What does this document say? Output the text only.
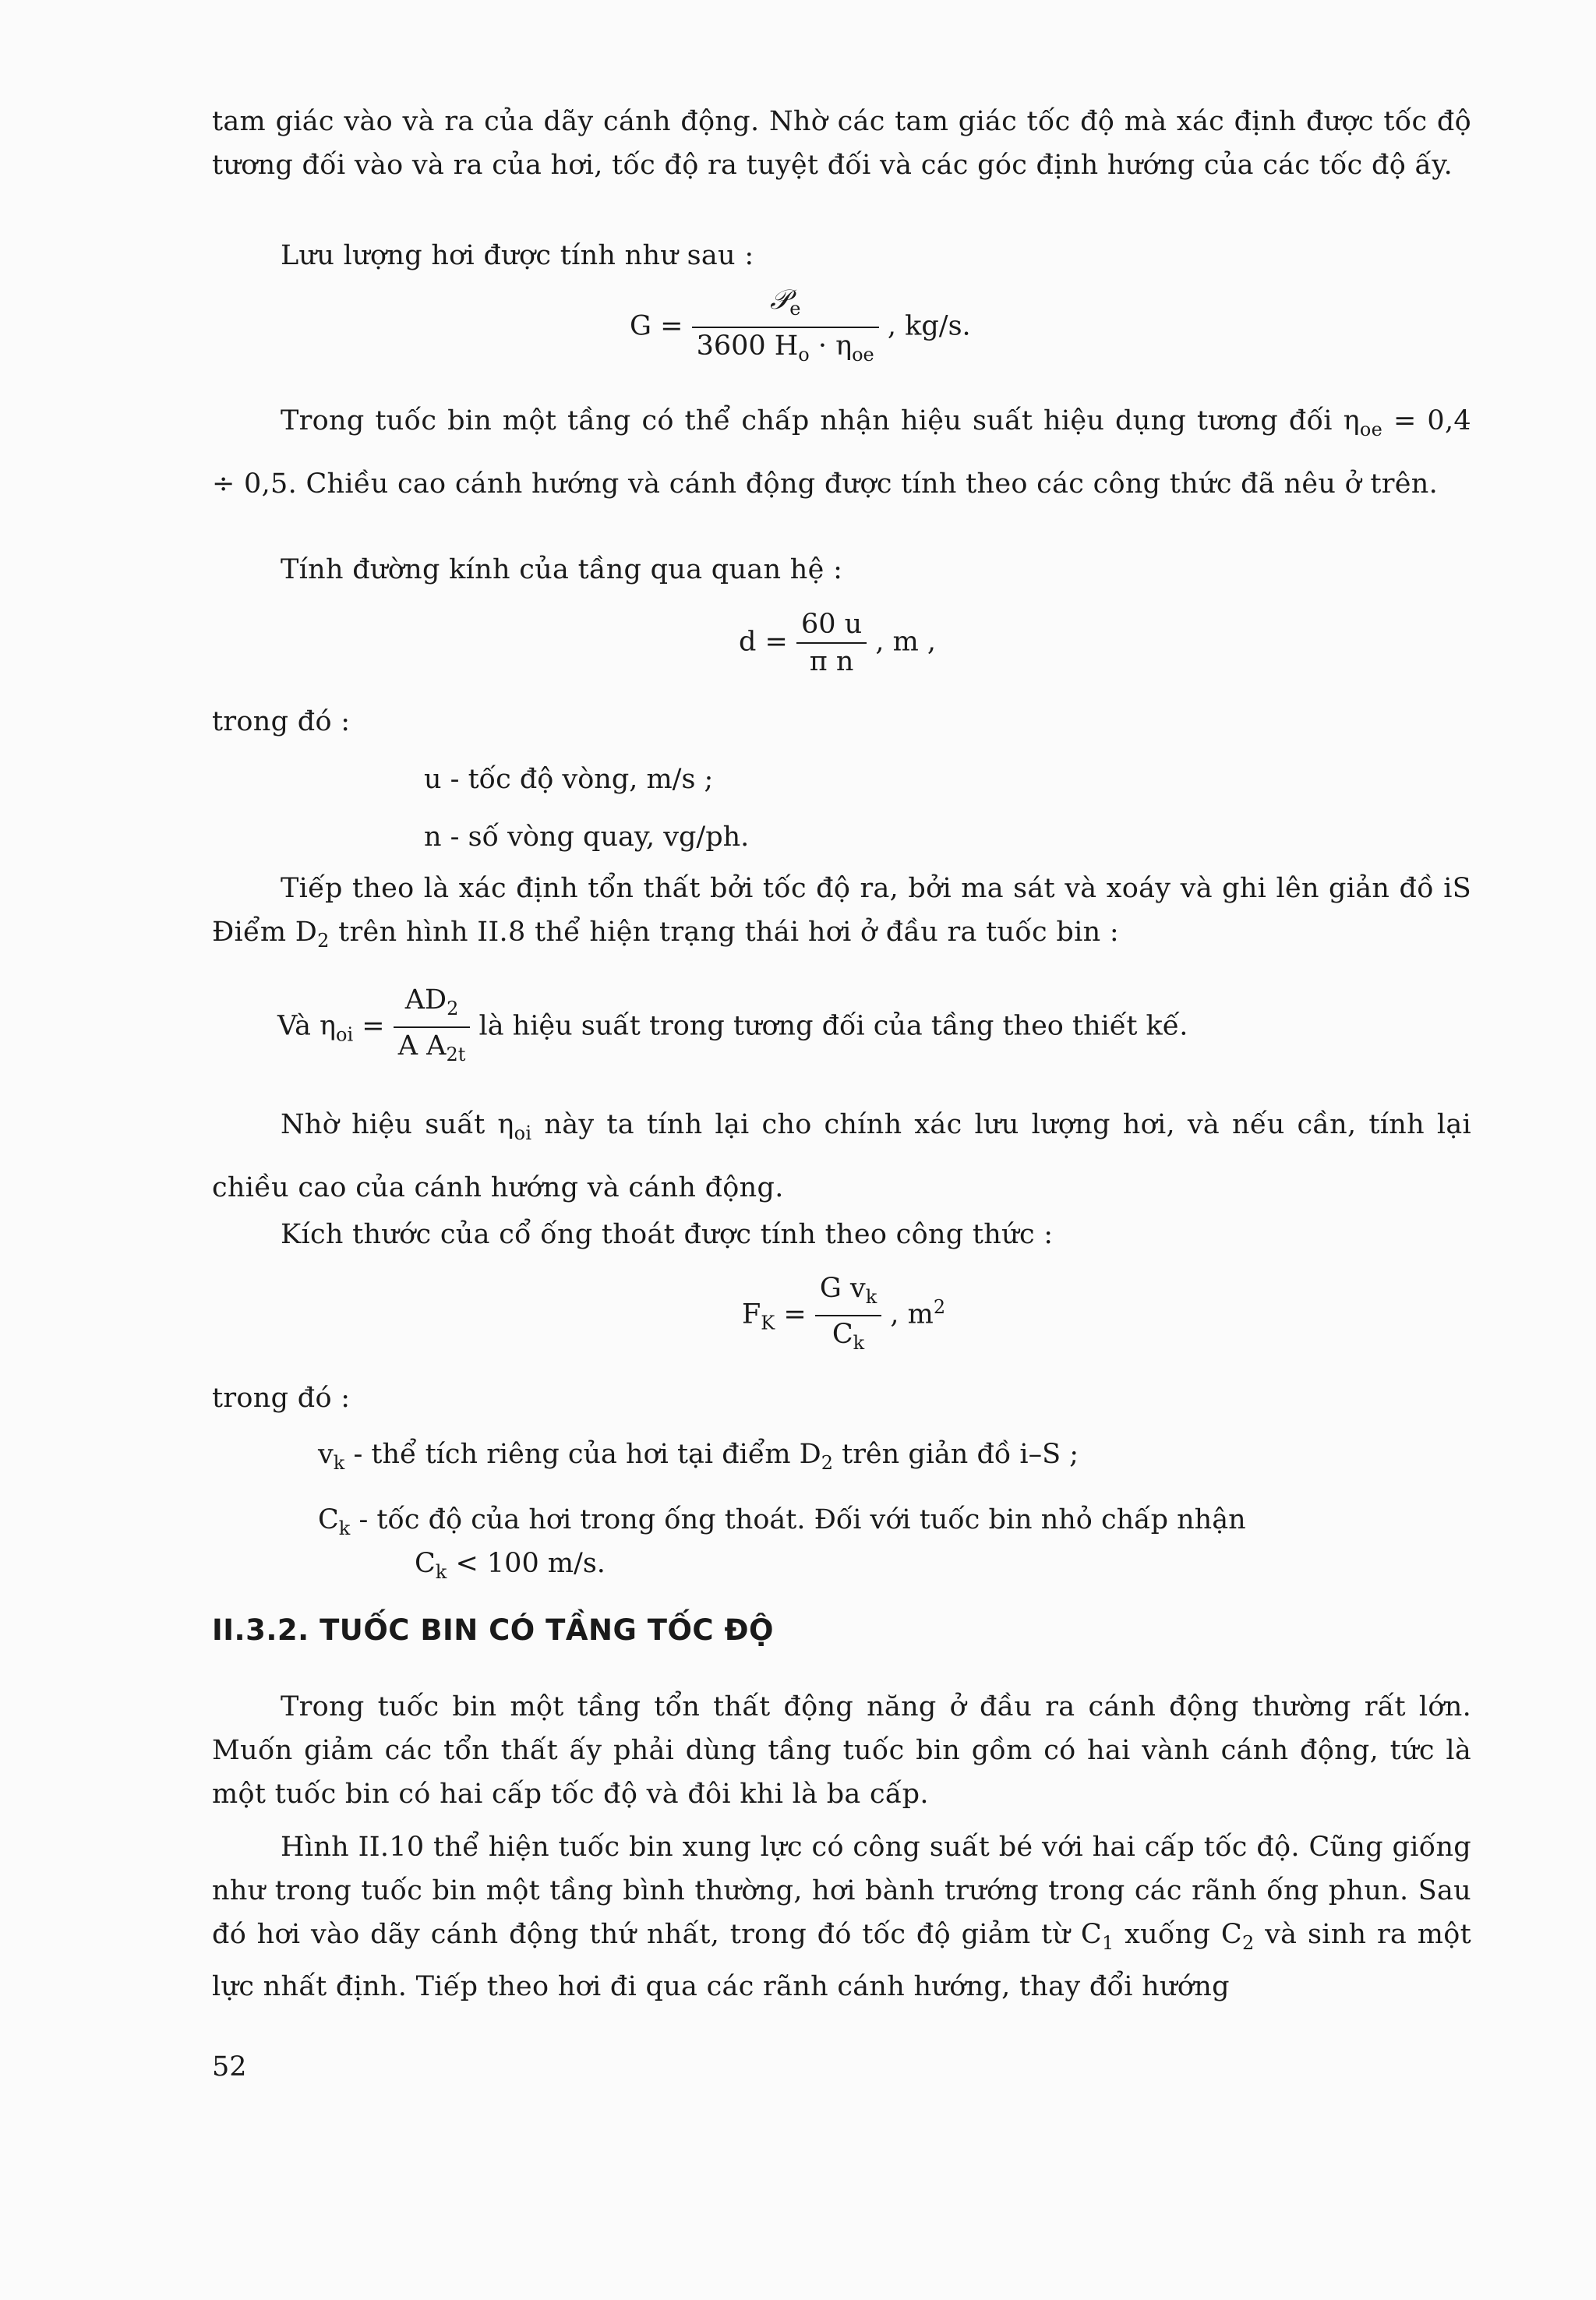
tam giác vào và ra của dãy cánh động. Nhờ các tam giác tốc độ mà xác định được tốc độ tương đối vào và ra của hơi, tốc độ ra tuyệt đối và các góc định hướng của các tốc độ ấy.
Lưu lượng hơi được tính như sau :
$G = \frac{𝒫_e}{3600 H_o \cdot \eta_{oe}}$ , kg/s.
Trong tuốc bin một tầng có thể chấp nhận hiệu suất hiệu dụng tương đối $\eta_{oe} = 0,4 \div 0,5$. Chiều cao cánh hướng và cánh động được tính theo các công thức đã nêu ở trên.
Tính đường kính của tầng qua quan hệ :
$d = \frac{60 u}{\text{π n}}$ , m ,
trong đó :
u - tốc độ vòng, m/s ;
n - số vòng quay, vg/ph.
Tiếp theo là xác định tổn thất bởi tốc độ ra, bởi ma sát và xoáy và ghi lên giản đồ iS Điểm $D_2$ trên hình II.8 thể hiện trạng thái hơi ở đầu ra tuốc bin :
Và $\eta_{oi} = \frac{AD_2}{A A_{2t}}$ là hiệu suất trong tương đối của tầng theo thiết kế.
Nhờ hiệu suất $\eta_{oi}$ này ta tính lại cho chính xác lưu lượng hơi, và nếu cần, tính lại chiều cao của cánh hướng và cánh động.
Kích thước của cổ ống thoát được tính theo công thức :
$F_K = \frac{G v_k}{C_k}$ , $m^2$
trong đó :
$v_k$ - thể tích riêng của hơi tại điểm $D_2$ trên giản đồ i–S ;
$C_k$ - tốc độ của hơi trong ống thoát. Đối với tuốc bin nhỏ chấp nhận
$C_k < 100$ m/s.
II.3.2. TUỐC BIN CÓ TẦNG TỐC ĐỘ
Trong tuốc bin một tầng tổn thất động năng ở đầu ra cánh động thường rất lớn. Muốn giảm các tổn thất ấy phải dùng tầng tuốc bin gồm có hai vành cánh động, tức là một tuốc bin có hai cấp tốc độ và đôi khi là ba cấp.
Hình II.10 thể hiện tuốc bin xung lực có công suất bé với hai cấp tốc độ. Cũng giống như trong tuốc bin một tầng bình thường, hơi bành trướng trong các rãnh ống phun. Sau đó hơi vào dãy cánh động thứ nhất, trong đó tốc độ giảm từ $C_1$ xuống $C_2$ và sinh ra một lực nhất định. Tiếp theo hơi đi qua các rãnh cánh hướng, thay đổi hướng
52
